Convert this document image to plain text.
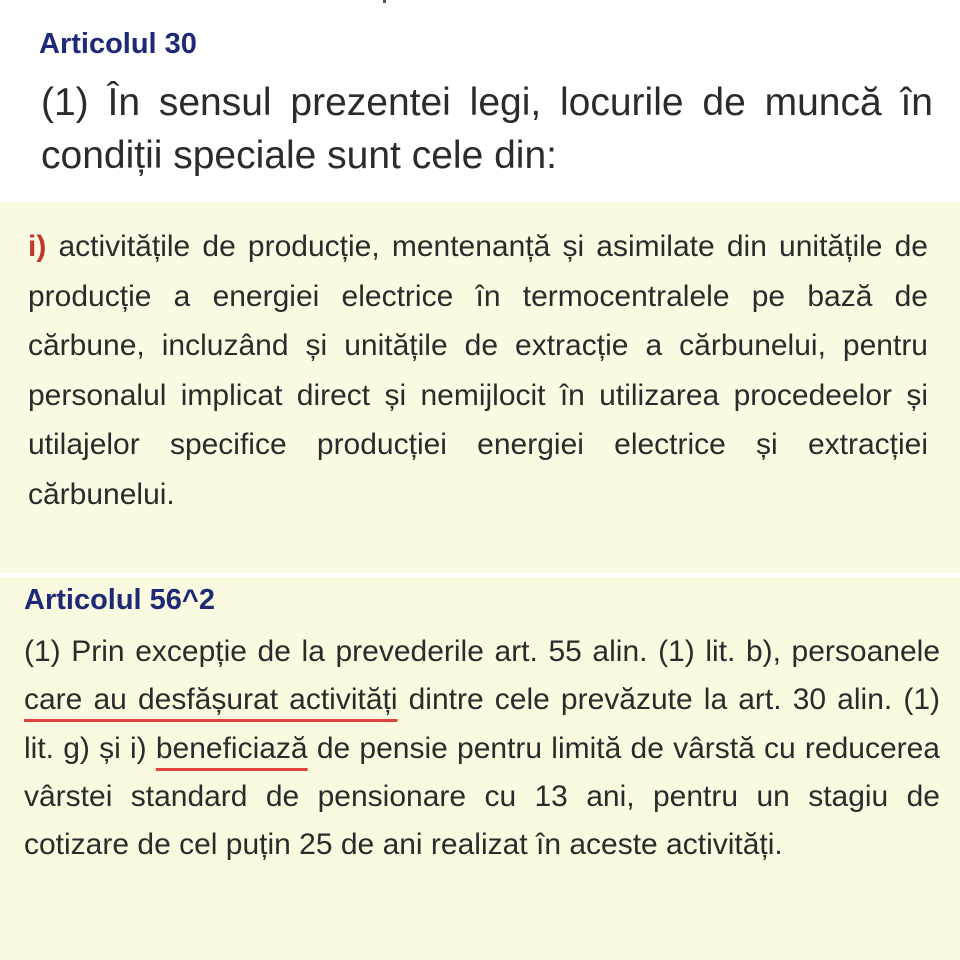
Articolul 30

(1) În sensul prezentei legi, locurile de muncă în condiții speciale sunt cele din:

i) activitățile de producție, mentenanță și asimilate din unitățile de producție a energiei electrice în termocentralele pe bază de cărbune, incluzând și unitățile de extracție a cărbunelui, pentru personalul implicat direct și nemijlocit în utilizarea procedeelor și utilajelor specifice producției energiei electrice și extracției cărbunelui.

Articolul 56^2

(1) Prin excepție de la prevederile art. 55 alin. (1) lit. b), persoanele care au desfășurat activități dintre cele prevăzute la art. 30 alin. (1) lit. g) și i) beneficiază de pensie pentru limită de vârstă cu reducerea vârstei standard de pensionare cu 13 ani, pentru un stagiu de cotizare de cel puțin 25 de ani realizat în aceste activități.
